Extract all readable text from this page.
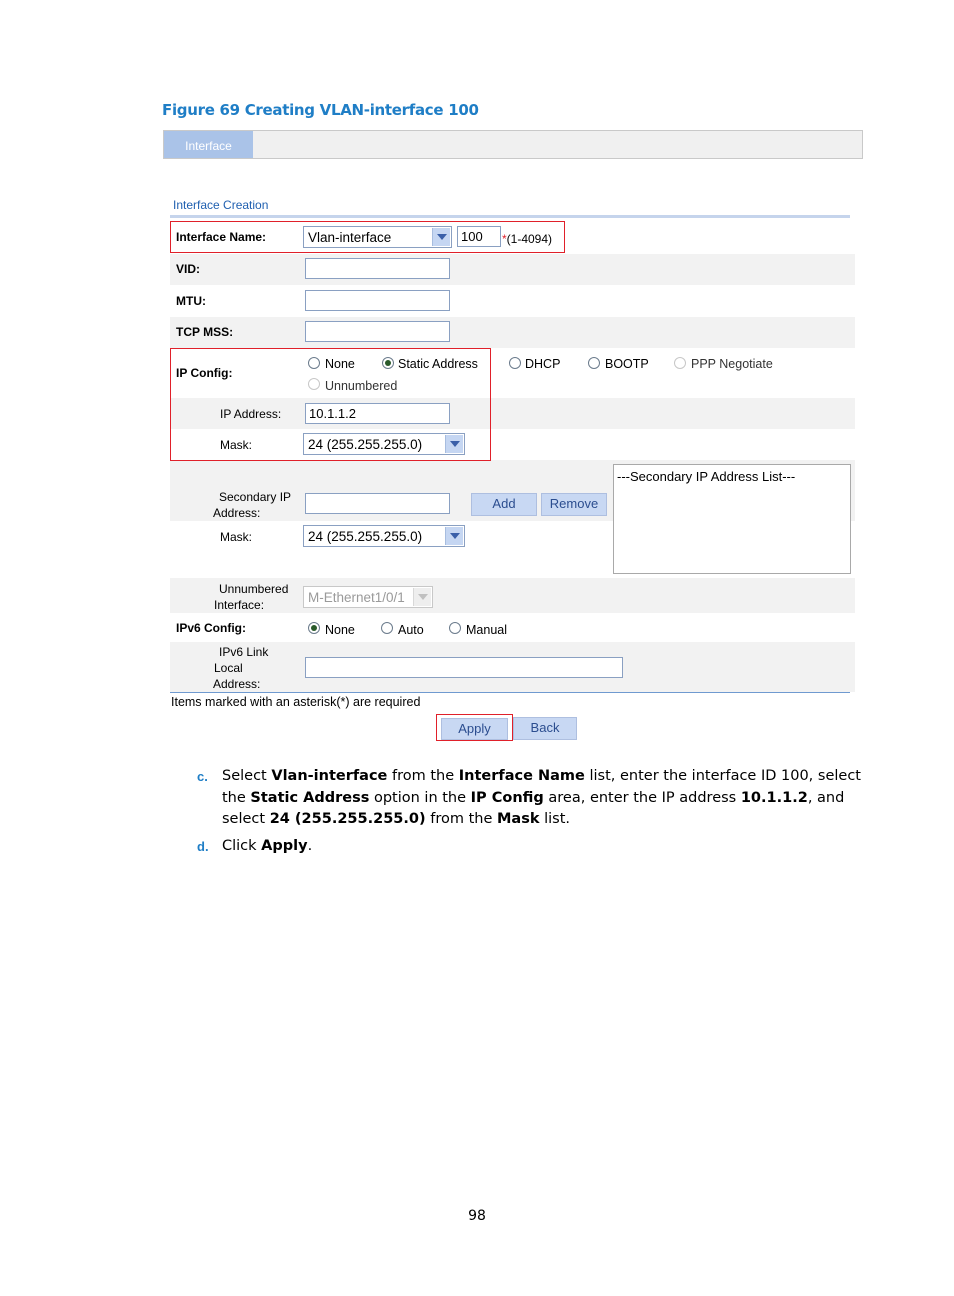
Figure 69 Creating VLAN-interface 100
Interface
Interface Creation
Interface Name:	Vlan-interface	100	*(1-4094)
VID:
MTU:
TCP MSS:
IP Config:
None	Static Address	DHCP	BOOTP	PPP Negotiate
Unnumbered
IP Address:	10.1.1.2
Mask:	24 (255.255.255.0)
Secondary IP
Address:
Add	Remove
Mask:	24 (255.255.255.0)
---Secondary IP Address List---
Unnumbered
Interface:	M-Ethernet1/0/1
IPv6 Config:	None	Auto	Manual
IPv6 Link
Local
Address:
Items marked with an asterisk(*) are required
Apply	Back
c. Select Vlan-interface from the Interface Name list, enter the interface ID 100, select the Static Address option in the IP Config area, enter the IP address 10.1.1.2, and select 24 (255.255.255.0) from the Mask list.
d. Click Apply.
98
